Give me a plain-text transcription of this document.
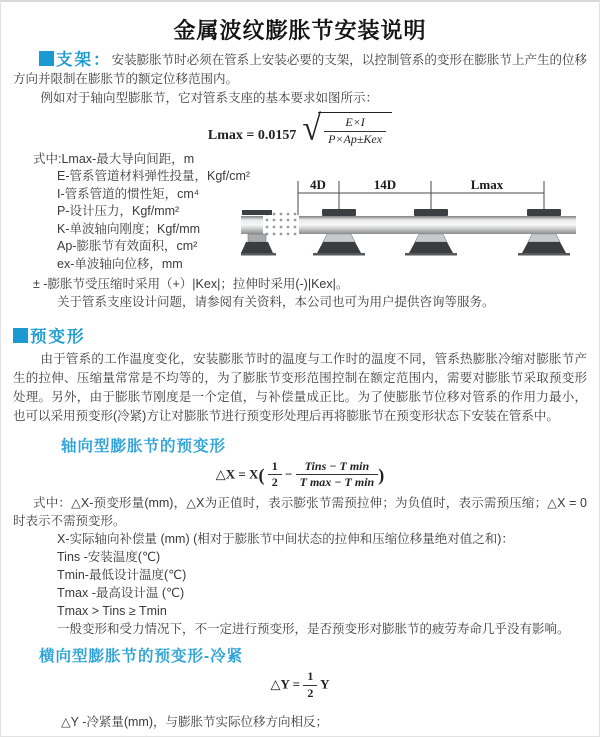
金属波纹膨胀节安装说明

支架：安装膨胀节时必须在管系上安装必要的支架，以控制管系的变形在膨胀节上产生的位移方向并限制在膨胀节的额定位移范围内。

例如对于轴向型膨胀节，它对管系支座的基本要求如图所示：

Lmax = 0.0157 √ $\frac{E\times I}{\text{P×Ap±Kex}}$
式中:Lmax-最大导向间距，m
E-管系管道材料弹性投量，Kgf/cm²
I-管系管道的惯性矩，cm⁴
P-设计压力，Kgf/mm²
K-单波轴向刚度；Kgf/mm
Ap-膨胀节有效面积，cm²
ex-单波轴向位移，mm
4D	14D	Lmax
± -膨胀节受压缩时采用（+）|Kex|；拉伸时采用(-)|Kex|。
关于管系支座设计问题，请参阅有关资料，本公司也可为用户提供咨询等服务。
预变形

由于管系的工作温度变化，安装膨胀节时的温度与工作时的温度不同，管系热膨胀冷缩对膨胀节产生的拉伸、压缩量常常是不均等的，为了膨胀节变形范围控制在额定范围内，需要对膨胀节采取预变形处理。另外，由于膨胀节刚度是一个定值，与补偿量成正比。为了使膨胀节位移对管系的作用力最小，也可以采用预变形(冷紧)方让对膨胀节进行预变形处理后再将膨胀节在预变形状态下安装在管系中。

轴向型膨胀节的预变形
△X = $X( \frac{1}{2} - \frac{\text{Tins − T min}}{\text{T max − T min}}$ )

式中：△X-预变形量(mm)，△X为正值时，表示膨张节需预拉伸；为负值时，表示需预压缩；△X = 0时表示不需预变形。

X-实际轴向补偿量 (mm) (相对于膨胀节中间状态的拉伸和压缩位移量绝对值之和)：
Tins -安装温度(℃)
Tmin-最低设计温度(℃)
Tmax -最高设计温 (℃)
Tmax > Tins ≥ Tmin
一般变形和受力情况下，不一定进行预变形，是否预变形对膨胀节的疲劳寿命几乎没有影响。
横向型膨胀节的预变形-冷紧
△Y = $\frac{1}{2}$ Y
△Y -冷紧量(mm)，与膨胀节实际位移方向相反；
